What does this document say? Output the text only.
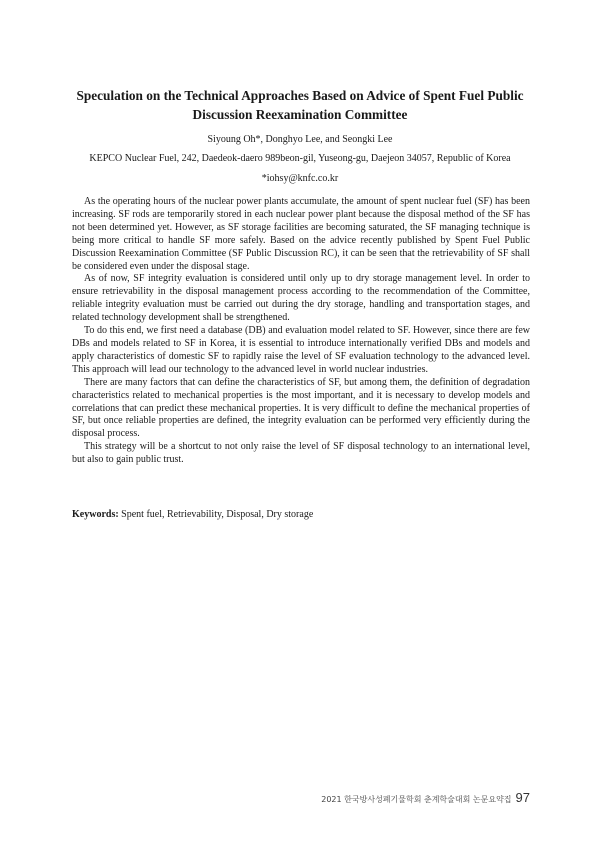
Speculation on the Technical Approaches Based on Advice of Spent Fuel Public Discussion Reexamination Committee

Siyoung Oh*, Donghyo Lee, and Seongki Lee

KEPCO Nuclear Fuel, 242, Daedeok-daero 989beon-gil, Yuseong-gu, Daejeon 34057, Republic of Korea

*iohsy@knfc.co.kr

As the operating hours of the nuclear power plants accumulate, the amount of spent nuclear fuel (SF) has been increasing. SF rods are temporarily stored in each nuclear power plant because the disposal method of the SF has not been determined yet. However, as SF storage facilities are becoming saturated, the SF managing technique is being more critical to handle SF more safely. Based on the advice recently published by Spent Fuel Public Discussion Reexamination Committee (SF Public Discussion RC), it can be seen that the retrievability of SF shall be considered even under the disposal stage.

As of now, SF integrity evaluation is considered until only up to dry storage management level. In order to ensure retrievability in the disposal management process according to the recommendation of the Committee, reliable integrity evaluation must be carried out during the dry storage, handling and transportation stages, and related technology development shall be strengthened.

To do this end, we first need a database (DB) and evaluation model related to SF. However, since there are few DBs and models related to SF in Korea, it is essential to introduce internationally verified DBs and models and apply characteristics of domestic SF to rapidly raise the level of SF evaluation technology to the advanced level. This approach will lead our technology to the advanced level in world nuclear industries.

There are many factors that can define the characteristics of SF, but among them, the definition of degradation characteristics related to mechanical properties is the most important, and it is necessary to develop models and correlations that can predict these mechanical properties. It is very difficult to define the mechanical properties of SF, but once reliable properties are defined, the integrity evaluation can be performed very efficiently during the disposal process.

This strategy will be a shortcut to not only raise the level of SF disposal technology to an international level, but also to gain public trust.

Keywords: Spent fuel, Retrievability, Disposal, Dry storage

2021 한국방사성폐기물학회 춘계학술대회 논문요약집 97
